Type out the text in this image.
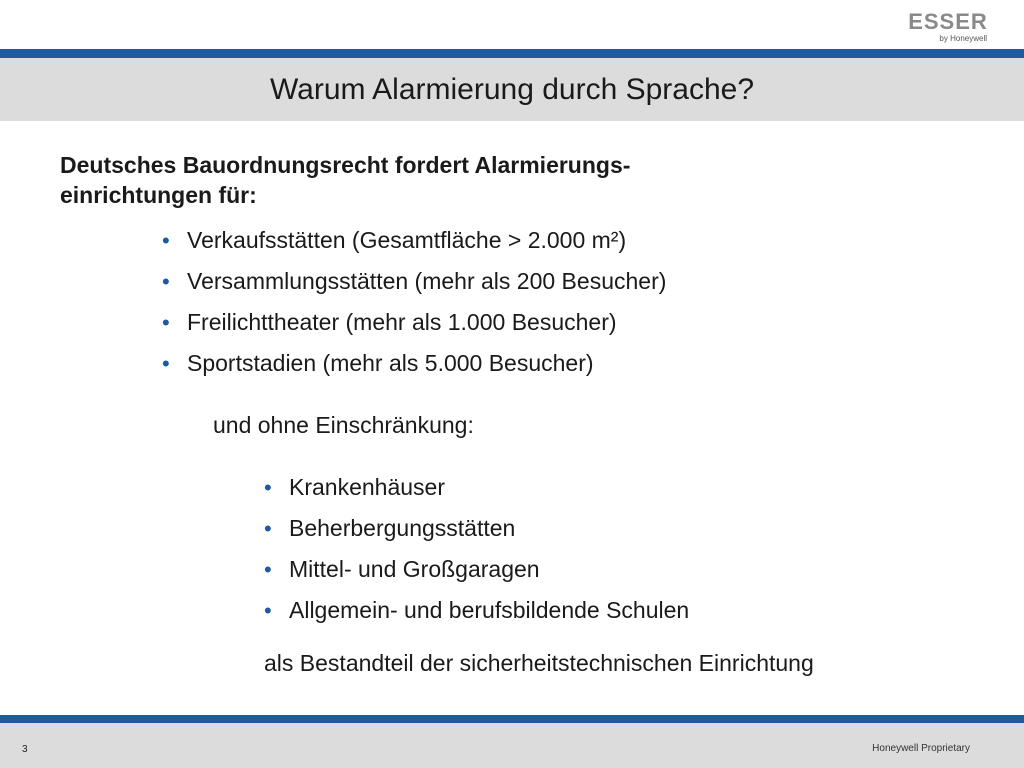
ESSER
by Honeywell
Warum Alarmierung durch Sprache?
Deutsches Bauordnungsrecht fordert Alarmierungs-
einrichtungen für:
• Verkaufsstätten (Gesamtfläche > 2.000 m²)
• Versammlungsstätten (mehr als 200 Besucher)
• Freilichttheater (mehr als 1.000 Besucher)
• Sportstadien (mehr als 5.000 Besucher)
und ohne Einschränkung:
• Krankenhäuser
• Beherbergungsstätten
• Mittel- und Großgaragen
• Allgemein- und berufsbildende Schulen
als Bestandteil der sicherheitstechnischen Einrichtung
3	Honeywell Proprietary
